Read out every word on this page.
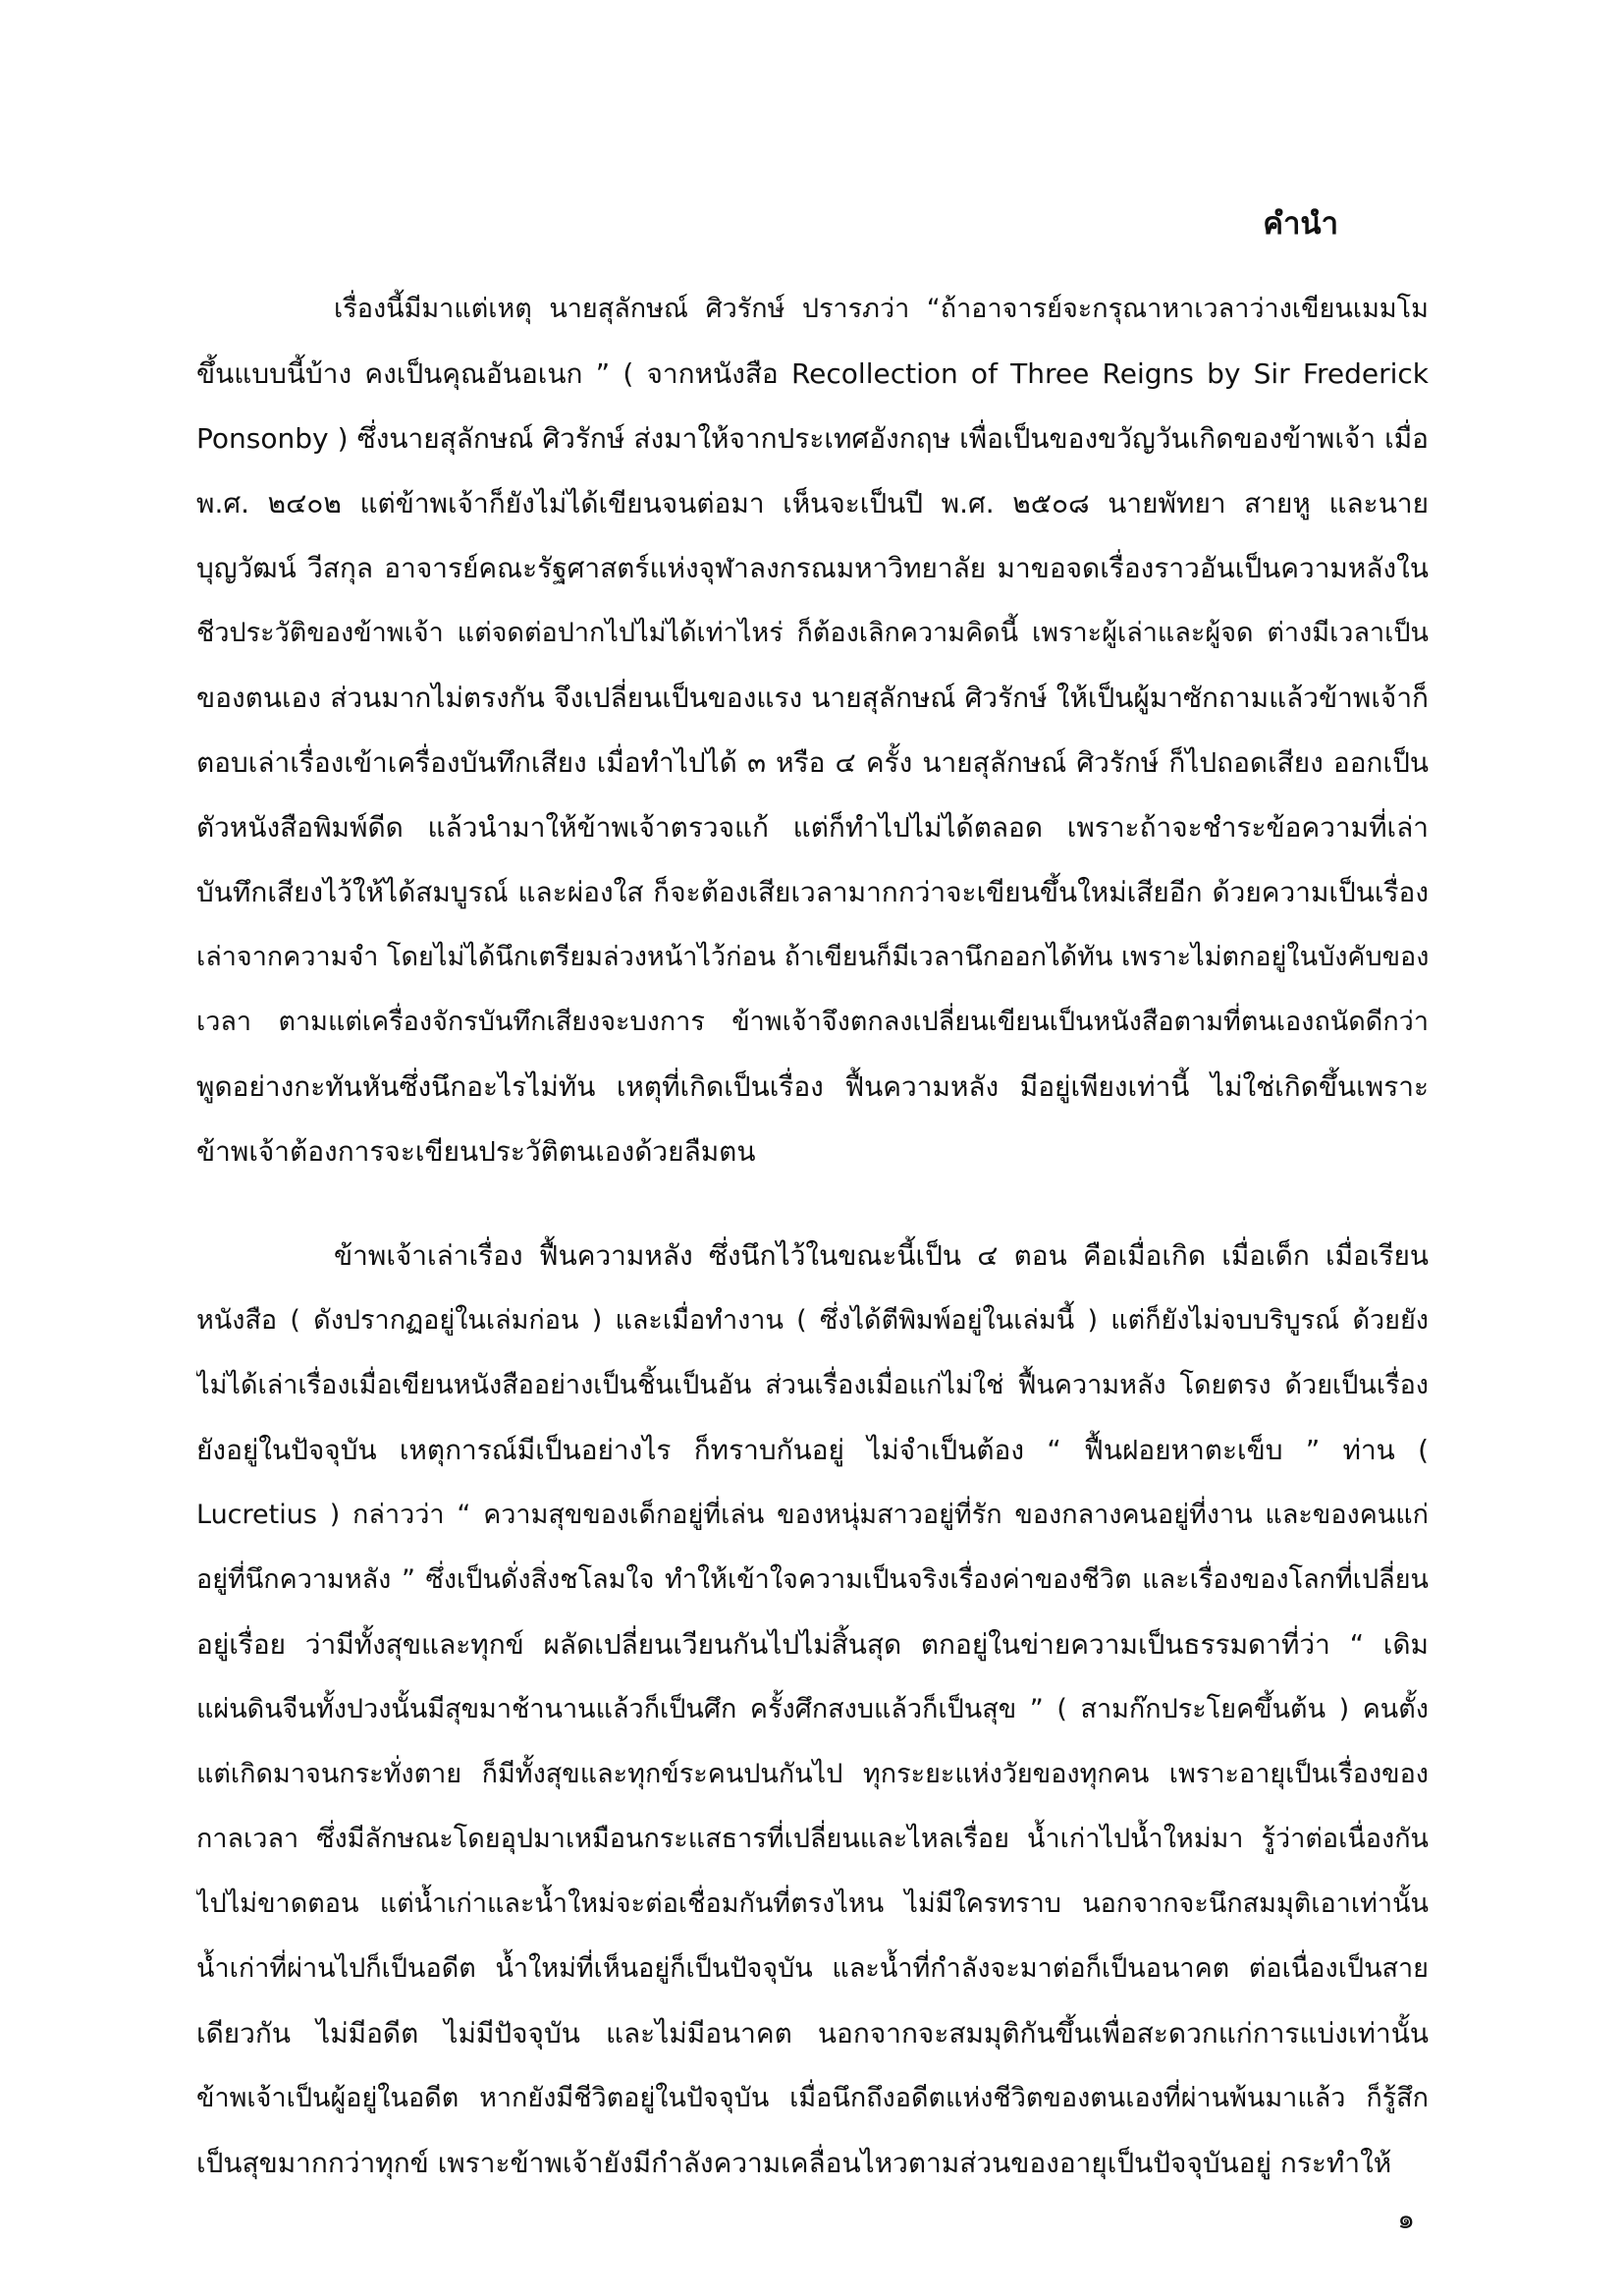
คำนำ
เรื่องนี้มีมาแต่เหตุ นายสุลักษณ์ ศิวรักษ์ ปรารภว่า “ถ้าอาจารย์จะกรุณาหาเวลาว่างเขียนเมมโม
ขึ้นแบบนี้บ้าง คงเป็นคุณอันอเนก ” ( จากหนังสือ Recollection of Three Reigns by Sir Frederick
Ponsonby ) ซึ่งนายสุลักษณ์ ศิวรักษ์ ส่งมาให้จากประเทศอังกฤษ เพื่อเป็นของขวัญวันเกิดของข้าพเจ้า เมื่อ
พ.ศ. ๒๔๐๒ แต่ข้าพเจ้าก็ยังไม่ได้เขียนจนต่อมา เห็นจะเป็นปี พ.ศ. ๒๕๐๘ นายพัทยา สายหู และนาย
บุญวัฒน์ วีสกุล อาจารย์คณะรัฐศาสตร์แห่งจุฬาลงกรณมหาวิทยาลัย มาขอจดเรื่องราวอันเป็นความหลังใน
ชีวประวัติของข้าพเจ้า แต่จดต่อปากไปไม่ได้เท่าไหร่ ก็ต้องเลิกความคิดนี้ เพราะผู้เล่าและผู้จด ต่างมีเวลาเป็น
ของตนเอง ส่วนมากไม่ตรงกัน จึงเปลี่ยนเป็นของแรง นายสุลักษณ์ ศิวรักษ์ ให้เป็นผู้มาซักถามแล้วข้าพเจ้าก็
ตอบเล่าเรื่องเข้าเครื่องบันทึกเสียง เมื่อทำไปได้ ๓ หรือ ๔ ครั้ง นายสุลักษณ์ ศิวรักษ์ ก็ไปถอดเสียง ออกเป็น
ตัวหนังสือพิมพ์ดีด แล้วนำมาให้ข้าพเจ้าตรวจแก้ แต่ก็ทำไปไม่ได้ตลอด เพราะถ้าจะชำระข้อความที่เล่า
บันทึกเสียงไว้ให้ได้สมบูรณ์ และผ่องใส ก็จะต้องเสียเวลามากกว่าจะเขียนขึ้นใหม่เสียอีก ด้วยความเป็นเรื่อง
เล่าจากความจำ โดยไม่ได้นึกเตรียมล่วงหน้าไว้ก่อน ถ้าเขียนก็มีเวลานึกออกได้ทัน เพราะไม่ตกอยู่ในบังคับของ
เวลา ตามแต่เครื่องจักรบันทึกเสียงจะบงการ ข้าพเจ้าจึงตกลงเปลี่ยนเขียนเป็นหนังสือตามที่ตนเองถนัดดีกว่า
พูดอย่างกะทันหันซึ่งนึกอะไรไม่ทัน เหตุที่เกิดเป็นเรื่อง ฟื้นความหลัง มีอยู่เพียงเท่านี้ ไม่ใช่เกิดขึ้นเพราะ
ข้าพเจ้าต้องการจะเขียนประวัติตนเองด้วยลืมตน
ข้าพเจ้าเล่าเรื่อง ฟื้นความหลัง ซึ่งนึกไว้ในขณะนี้เป็น ๔ ตอน คือเมื่อเกิด เมื่อเด็ก เมื่อเรียน
หนังสือ ( ดังปรากฏอยู่ในเล่มก่อน ) และเมื่อทำงาน ( ซึ่งได้ตีพิมพ์อยู่ในเล่มนี้ ) แต่ก็ยังไม่จบบริบูรณ์ ด้วยยัง
ไม่ได้เล่าเรื่องเมื่อเขียนหนังสืออย่างเป็นชิ้นเป็นอัน ส่วนเรื่องเมื่อแก่ไม่ใช่ ฟื้นความหลัง โดยตรง ด้วยเป็นเรื่อง
ยังอยู่ในปัจจุบัน เหตุการณ์มีเป็นอย่างไร ก็ทราบกันอยู่ ไม่จำเป็นต้อง “ ฟื้นฝอยหาตะเข็บ ” ท่าน (
Lucretius ) กล่าวว่า “ ความสุขของเด็กอยู่ที่เล่น ของหนุ่มสาวอยู่ที่รัก ของกลางคนอยู่ที่งาน และของคนแก่
อยู่ที่นึกความหลัง ” ซึ่งเป็นดั่งสิ่งชโลมใจ ทำให้เข้าใจความเป็นจริงเรื่องค่าของชีวิต และเรื่องของโลกที่เปลี่ยน
อยู่เรื่อย ว่ามีทั้งสุขและทุกข์ ผลัดเปลี่ยนเวียนกันไปไม่สิ้นสุด ตกอยู่ในข่ายความเป็นธรรมดาที่ว่า “ เดิม
แผ่นดินจีนทั้งปวงนั้นมีสุขมาช้านานแล้วก็เป็นศึก ครั้งศึกสงบแล้วก็เป็นสุข ” ( สามก๊กประโยคขึ้นต้น ) คนตั้ง
แต่เกิดมาจนกระทั่งตาย ก็มีทั้งสุขและทุกข์ระคนปนกันไป ทุกระยะแห่งวัยของทุกคน เพราะอายุเป็นเรื่องของ
กาลเวลา ซึ่งมีลักษณะโดยอุปมาเหมือนกระแสธารที่เปลี่ยนและไหลเรื่อย น้ำเก่าไปน้ำใหม่มา รู้ว่าต่อเนื่องกัน
ไปไม่ขาดตอน แต่น้ำเก่าและน้ำใหม่จะต่อเชื่อมกันที่ตรงไหน ไม่มีใครทราบ นอกจากจะนึกสมมุติเอาเท่านั้น
น้ำเก่าที่ผ่านไปก็เป็นอดีต น้ำใหม่ที่เห็นอยู่ก็เป็นปัจจุบัน และน้ำที่กำลังจะมาต่อก็เป็นอนาคต ต่อเนื่องเป็นสาย
เดียวกัน ไม่มีอดีต ไม่มีปัจจุบัน และไม่มีอนาคต นอกจากจะสมมุติกันขึ้นเพื่อสะดวกแก่การแบ่งเท่านั้น
ข้าพเจ้าเป็นผู้อยู่ในอดีต หากยังมีชีวิตอยู่ในปัจจุบัน เมื่อนึกถึงอดีตแห่งชีวิตของตนเองที่ผ่านพ้นมาแล้ว ก็รู้สึก
เป็นสุขมากกว่าทุกข์ เพราะข้าพเจ้ายังมีกำลังความเคลื่อนไหวตามส่วนของอายุเป็นปัจจุบันอยู่ กระทำให้
๑
